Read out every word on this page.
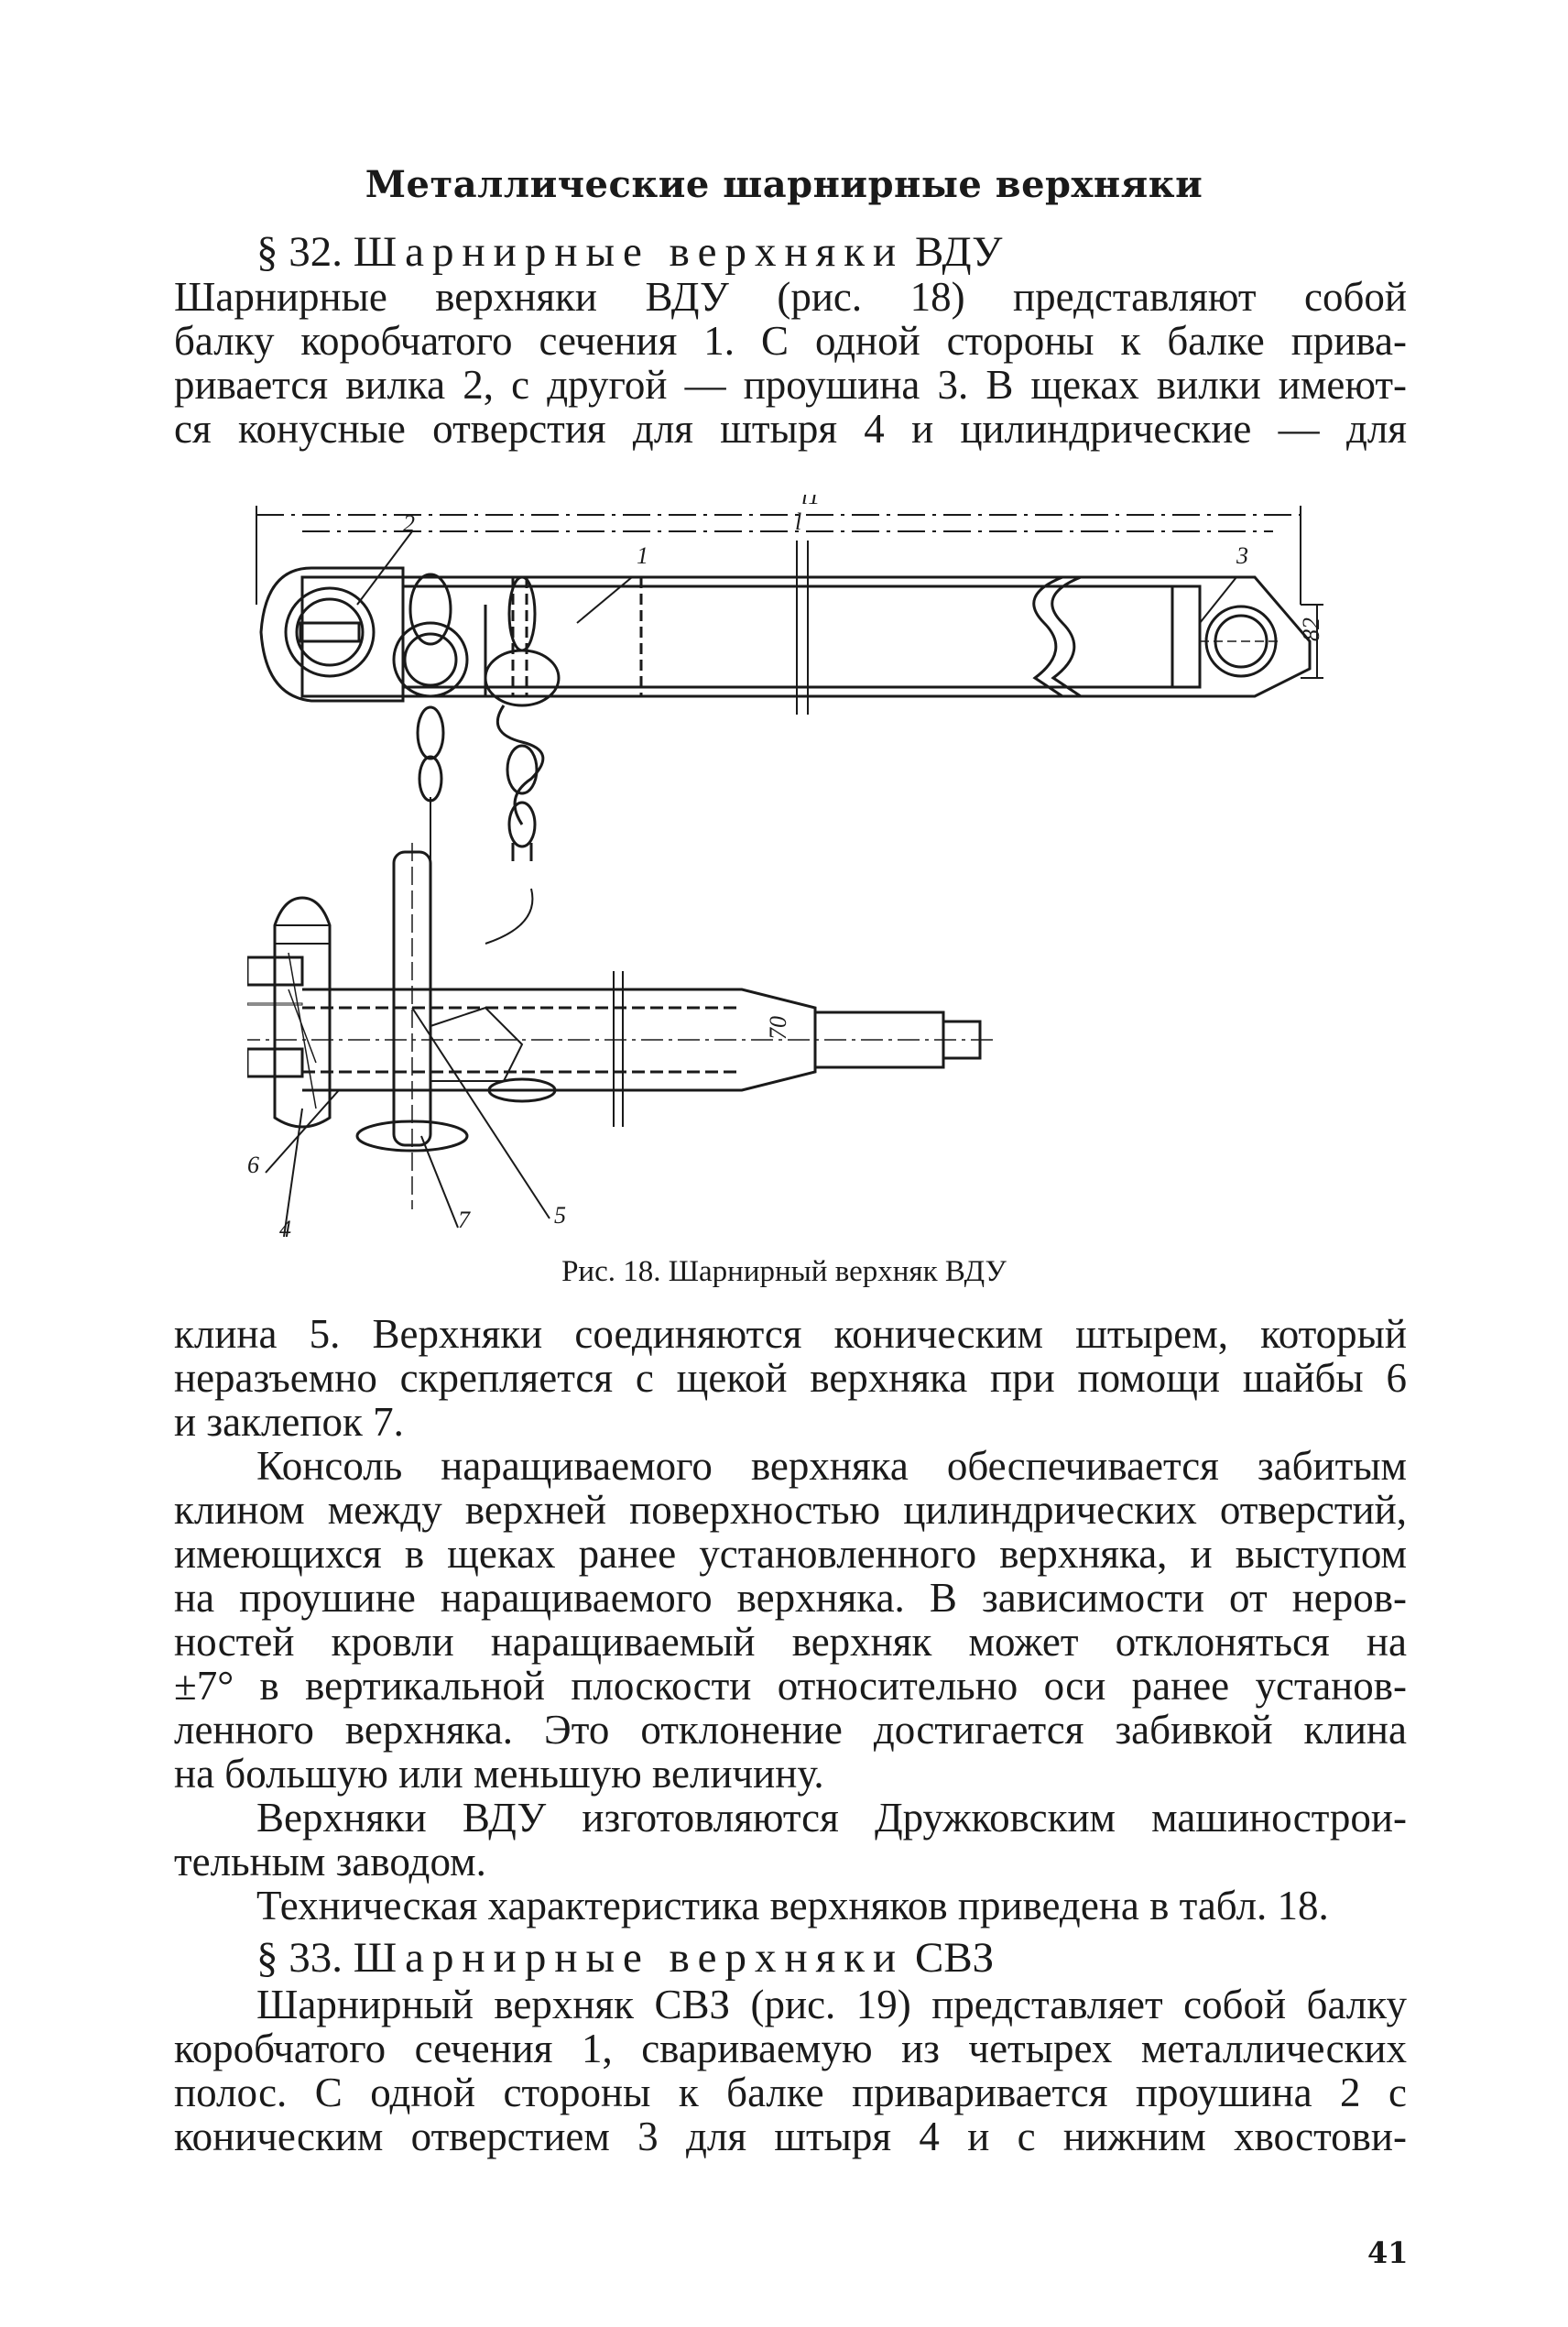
Металлические шарнирные верхняки
§ 32. Шарнирные верхняки ВДУ
Шарнирные верхняки ВДУ (рис. 18) представляют собой
балку коробчатого сечения 1. С одной стороны к балке прива-
ривается вилка 2, с другой — проушина 3. В щеках вилки имеют-
ся конусные отверстия для штыря 4 и цилиндрические — для
1
2
3
4
5
6
7
l1
l
82
70
Рис. 18. Шарнирный верхняк ВДУ
клина 5. Верхняки соединяются коническим штырем, который
неразъемно скрепляется с щекой верхняка при помощи шайбы 6
и заклепок 7.
Консоль наращиваемого верхняка обеспечивается забитым
клином между верхней поверхностью цилиндрических отверстий,
имеющихся в щеках ранее установленного верхняка, и выступом
на проушине наращиваемого верхняка. В зависимости от неров-
ностей кровли наращиваемый верхняк может отклоняться на
±7° в вертикальной плоскости относительно оси ранее установ-
ленного верхняка. Это отклонение достигается забивкой клина
на большую или меньшую величину.
Верхняки ВДУ изготовляются Дружковским машинострои-
тельным заводом.
Техническая характеристика верхняков приведена в табл. 18.
§ 33. Шарнирные верхняки СВЗ
Шарнирный верхняк СВЗ (рис. 19) представляет собой балку
коробчатого сечения 1, свариваемую из четырех металлических
полос. С одной стороны к балке приваривается проушина 2 с
коническим отверстием 3 для штыря 4 и с нижним хвостови-
41
